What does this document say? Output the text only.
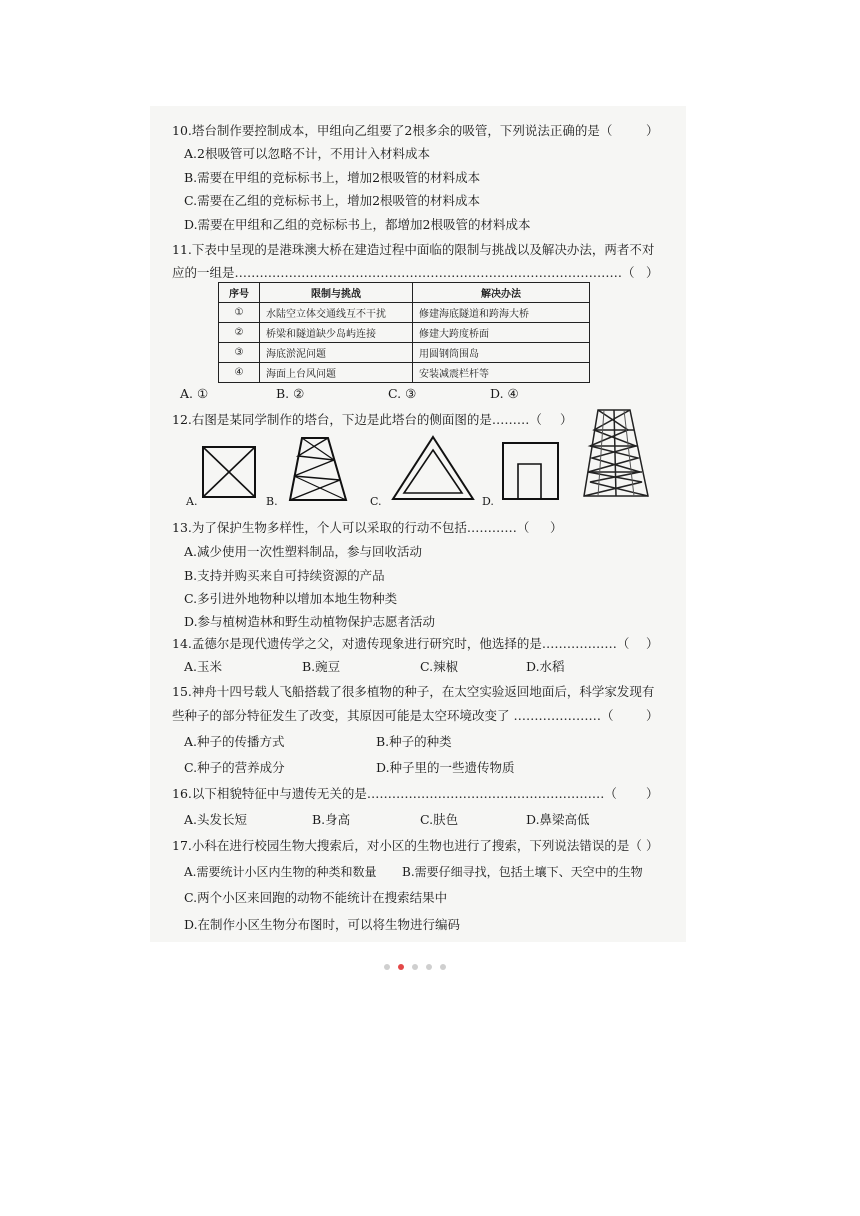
10.塔台制作要控制成本，甲组向乙组要了2根多余的吸管，下列说法正确的是（	）
A.2根吸管可以忽略不计，不用计入材料成本
B.需要在甲组的竞标标书上，增加2根吸管的材料成本
C.需要在乙组的竞标标书上，增加2根吸管的材料成本
D.需要在甲组和乙组的竞标标书上，都增加2根吸管的材料成本
11.下表中呈现的是港珠澳大桥在建造过程中面临的限制与挑战以及解决办法，两者不对
应的一组是…………………………………………………………………………………（ ）
序号	限制与挑战	解决办法
①	水陆空立体交通线互不干扰	修建海底隧道和跨海大桥
②	桥梁和隧道缺少岛屿连接	修建大跨度桥面
③	海底淤泥问题	用圆钢筒围岛
④	海面上台风问题	安装减震栏杆等
A. ①	B. ②	C. ③	D. ④
12.右图是某同学制作的塔台，下边是此塔台的侧面图的是………（ ）
A.	B.	C.	D.
13.为了保护生物多样性，个人可以采取的行动不包括…………（ ）
A.减少使用一次性塑料制品，参与回收活动
B.支持并购买来自可持续资源的产品
C.多引进外地物种以增加本地生物种类
D.参与植树造林和野生动植物保护志愿者活动
14.孟德尔是现代遗传学之父，对遗传现象进行研究时，他选择的是………………（ ）
A.玉米	B.豌豆	C.辣椒	D.水稻
15.神舟十四号载人飞船搭载了很多植物的种子，在太空实验返回地面后，科学家发现有
些种子的部分特征发生了改变，其原因可能是太空环境改变了 …………………（	）
A.种子的传播方式	B.种子的种类
C.种子的营养成分	D.种子里的一些遗传物质
16.以下相貌特征中与遗传无关的是…………………………………………………（ ）
A.头发长短	B.身高	C.肤色	D.鼻梁高低
17.小科在进行校园生物大搜索后，对小区的生物也进行了搜索，下列说法错误的是（ ）
A.需要统计小区内生物的种类和数量 B.需要仔细寻找，包括土壤下、天空中的生物
C.两个小区来回跑的动物不能统计在搜索结果中
D.在制作小区生物分布图时，可以将生物进行编码
